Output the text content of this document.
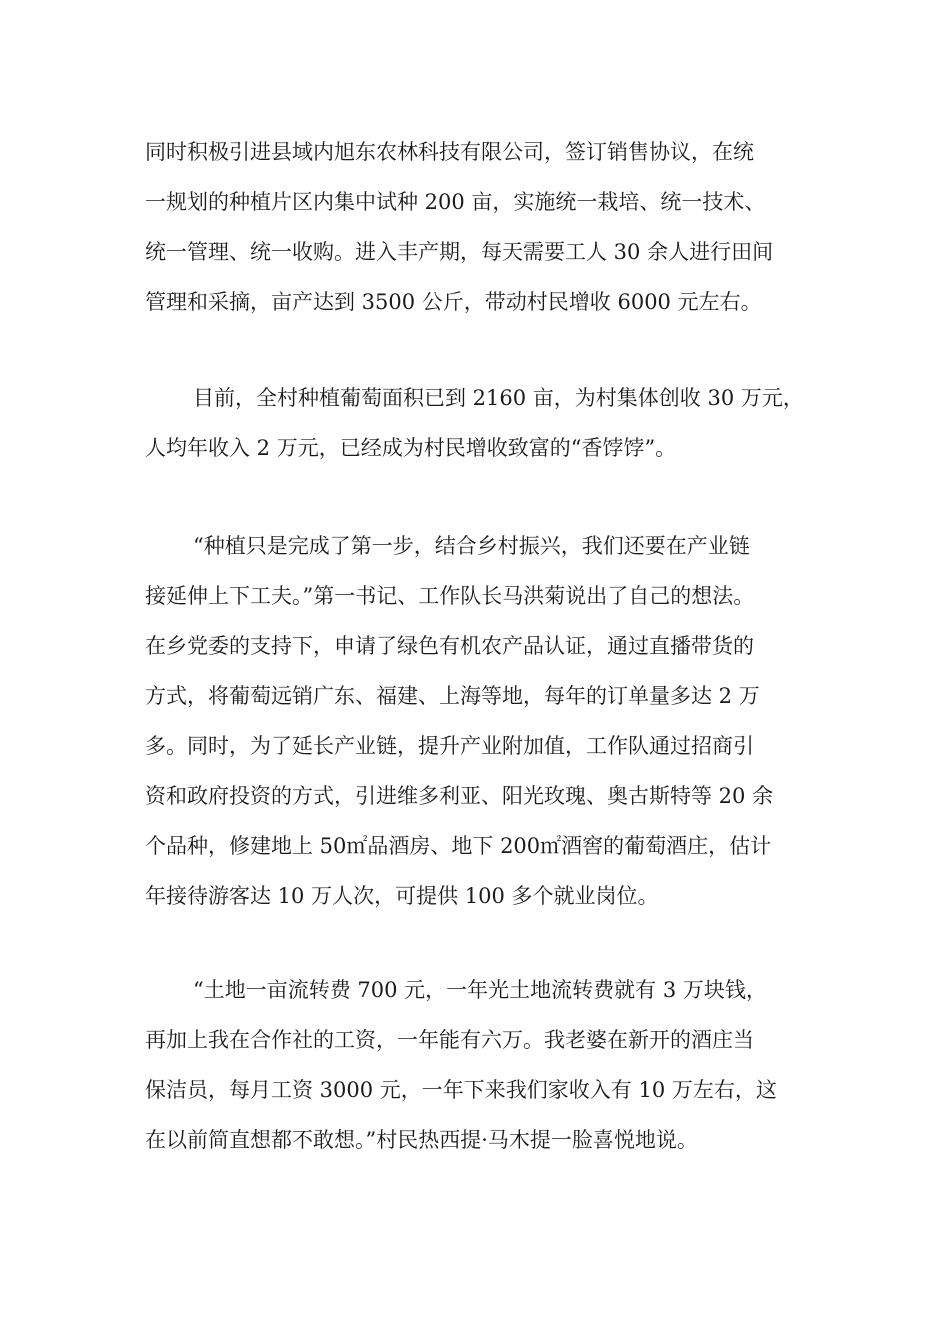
同时积极引进县域内旭东农林科技有限公司，签订销售协议，在统
一规划的种植片区内集中试种 200 亩，实施统一栽培、统一技术、
统一管理、统一收购。进入丰产期，每天需要工人 30 余人进行田间
管理和采摘，亩产达到 3500 公斤，带动村民增收 6000 元左右。
目前，全村种植葡萄面积已到 2160 亩，为村集体创收 30 万元，
人均年收入 2 万元，已经成为村民增收致富的“香饽饽”。
“种植只是完成了第一步，结合乡村振兴，我们还要在产业链
接延伸上下工夫。”第一书记、工作队长马洪菊说出了自己的想法。
在乡党委的支持下，申请了绿色有机农产品认证，通过直播带货的
方式，将葡萄远销广东、福建、上海等地，每年的订单量多达 2 万
多。同时，为了延长产业链，提升产业附加值，工作队通过招商引
资和政府投资的方式，引进维多利亚、阳光玫瑰、奥古斯特等 20 余
个品种，修建地上 50㎡品酒房、地下 200㎡酒窖的葡萄酒庄，估计
年接待游客达 10 万人次，可提供 100 多个就业岗位。
“土地一亩流转费 700 元，一年光土地流转费就有 3 万块钱，
再加上我在合作社的工资，一年能有六万。我老婆在新开的酒庄当
保洁员，每月工资 3000 元，一年下来我们家收入有 10 万左右，这
在以前简直想都不敢想。”村民热西提·马木提一脸喜悦地说。
